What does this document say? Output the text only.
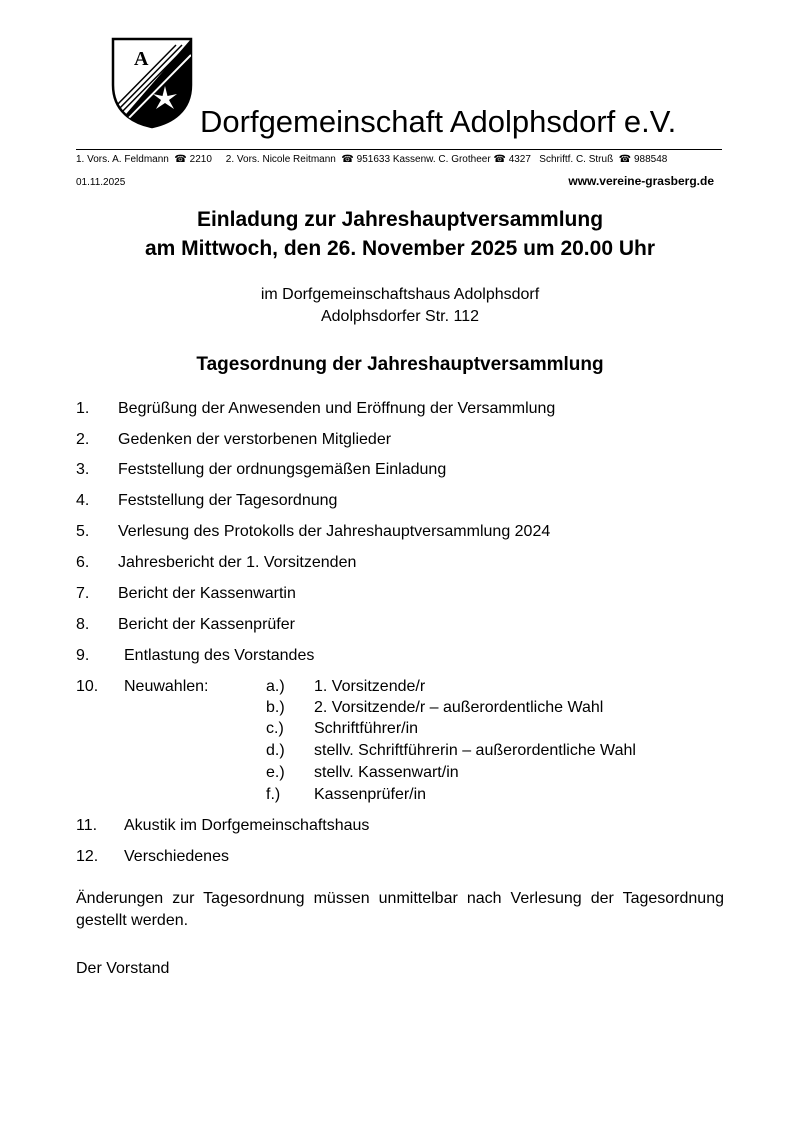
A
Dorfgemeinschaft Adolphsdorf e.V.
1. Vors. A. Feldmann ☎ 2210 2. Vors. Nicole Reitmann ☎ 951633 Kassenw. C. Grotheer ☎ 4327 Schriftf. C. Struß ☎ 988548
01.11.2025	www.vereine-grasberg.de
Einladung zur Jahreshauptversammlung
am Mittwoch, den 26. November 2025 um 20.00 Uhr
im Dorfgemeinschaftshaus Adolphsdorf
Adolphsdorfer Str. 112
Tagesordnung der Jahreshauptversammlung
1. Begrüßung der Anwesenden und Eröffnung der Versammlung
2. Gedenken der verstorbenen Mitglieder
3. Feststellung der ordnungsgemäßen Einladung
4. Feststellung der Tagesordnung
5. Verlesung des Protokolls der Jahreshauptversammlung 2024
6. Jahresbericht der 1. Vorsitzenden
7. Bericht der Kassenwartin
8. Bericht der Kassenprüfer
9. Entlastung des Vorstandes
10. Neuwahlen:	a.) 1. Vorsitzende/r
b.) 2. Vorsitzende/r – außerordentliche Wahl
c.) Schriftführer/in
d.) stellv. Schriftführerin – außerordentliche Wahl
e.) stellv. Kassenwart/in
f.) Kassenprüfer/in
11. Akustik im Dorfgemeinschaftshaus
12. Verschiedenes
Änderungen zur Tagesordnung müssen unmittelbar nach Verlesung der Tagesordnung gestellt werden.
Der Vorstand
